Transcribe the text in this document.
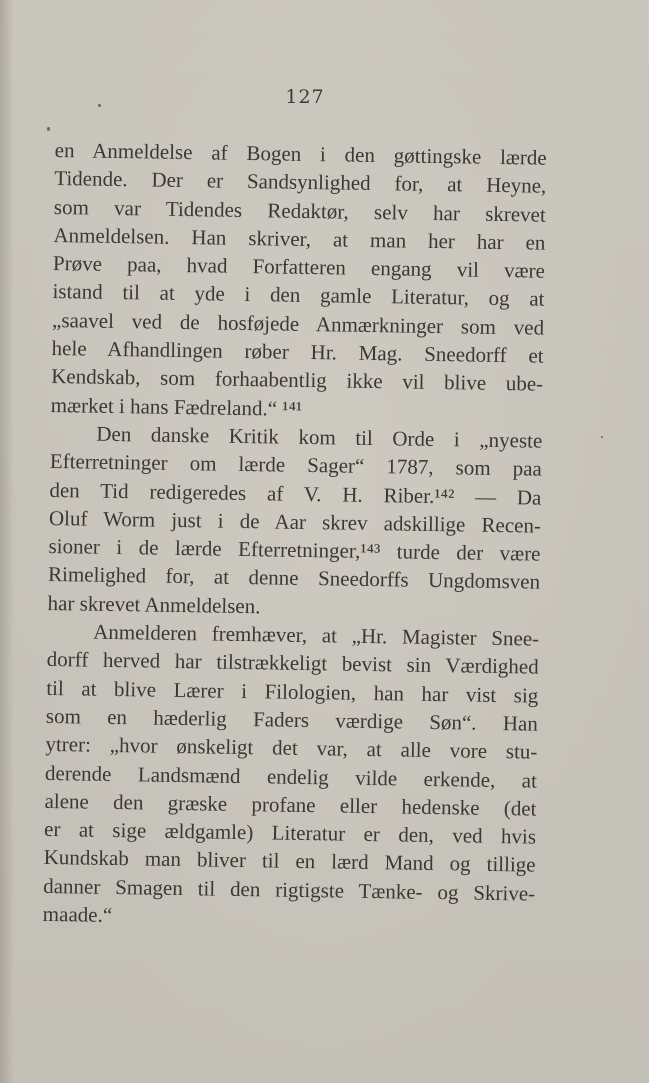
127
en Anmeldelse af Bogen i den gøttingske lærde
Tidende. Der er Sandsynlighed for, at Heyne,
som var Tidendes Redaktør, selv har skrevet
Anmeldelsen. Han skriver, at man her har en
Prøve paa, hvad Forfatteren engang vil være
istand til at yde i den gamle Literatur, og at
„saavel ved de hosføjede Anmærkninger som ved
hele Afhandlingen røber Hr. Mag. Sneedorff et
Kendskab, som forhaabentlig ikke vil blive ube-
mærket i hans Fædreland.“ ¹⁴¹
Den danske Kritik kom til Orde i „nyeste
Efterretninger om lærde Sager“ 1787, som paa
den Tid redigeredes af V. H. Riber.¹⁴² — Da
Oluf Worm just i de Aar skrev adskillige Recen-
sioner i de lærde Efterretninger,¹⁴³ turde der være
Rimelighed for, at denne Sneedorffs Ungdomsven
har skrevet Anmeldelsen.
Anmelderen fremhæver, at „Hr. Magister Snee-
dorff herved har tilstrækkeligt bevist sin Værdighed
til at blive Lærer i Filologien, han har vist sig
som en hæderlig Faders værdige Søn“. Han
ytrer: „hvor ønskeligt det var, at alle vore stu-
derende Landsmænd endelig vilde erkende, at
alene den græske profane eller hedenske (det
er at sige ældgamle) Literatur er den, ved hvis
Kundskab man bliver til en lærd Mand og tillige
danner Smagen til den rigtigste Tænke- og Skrive-
maade.“
